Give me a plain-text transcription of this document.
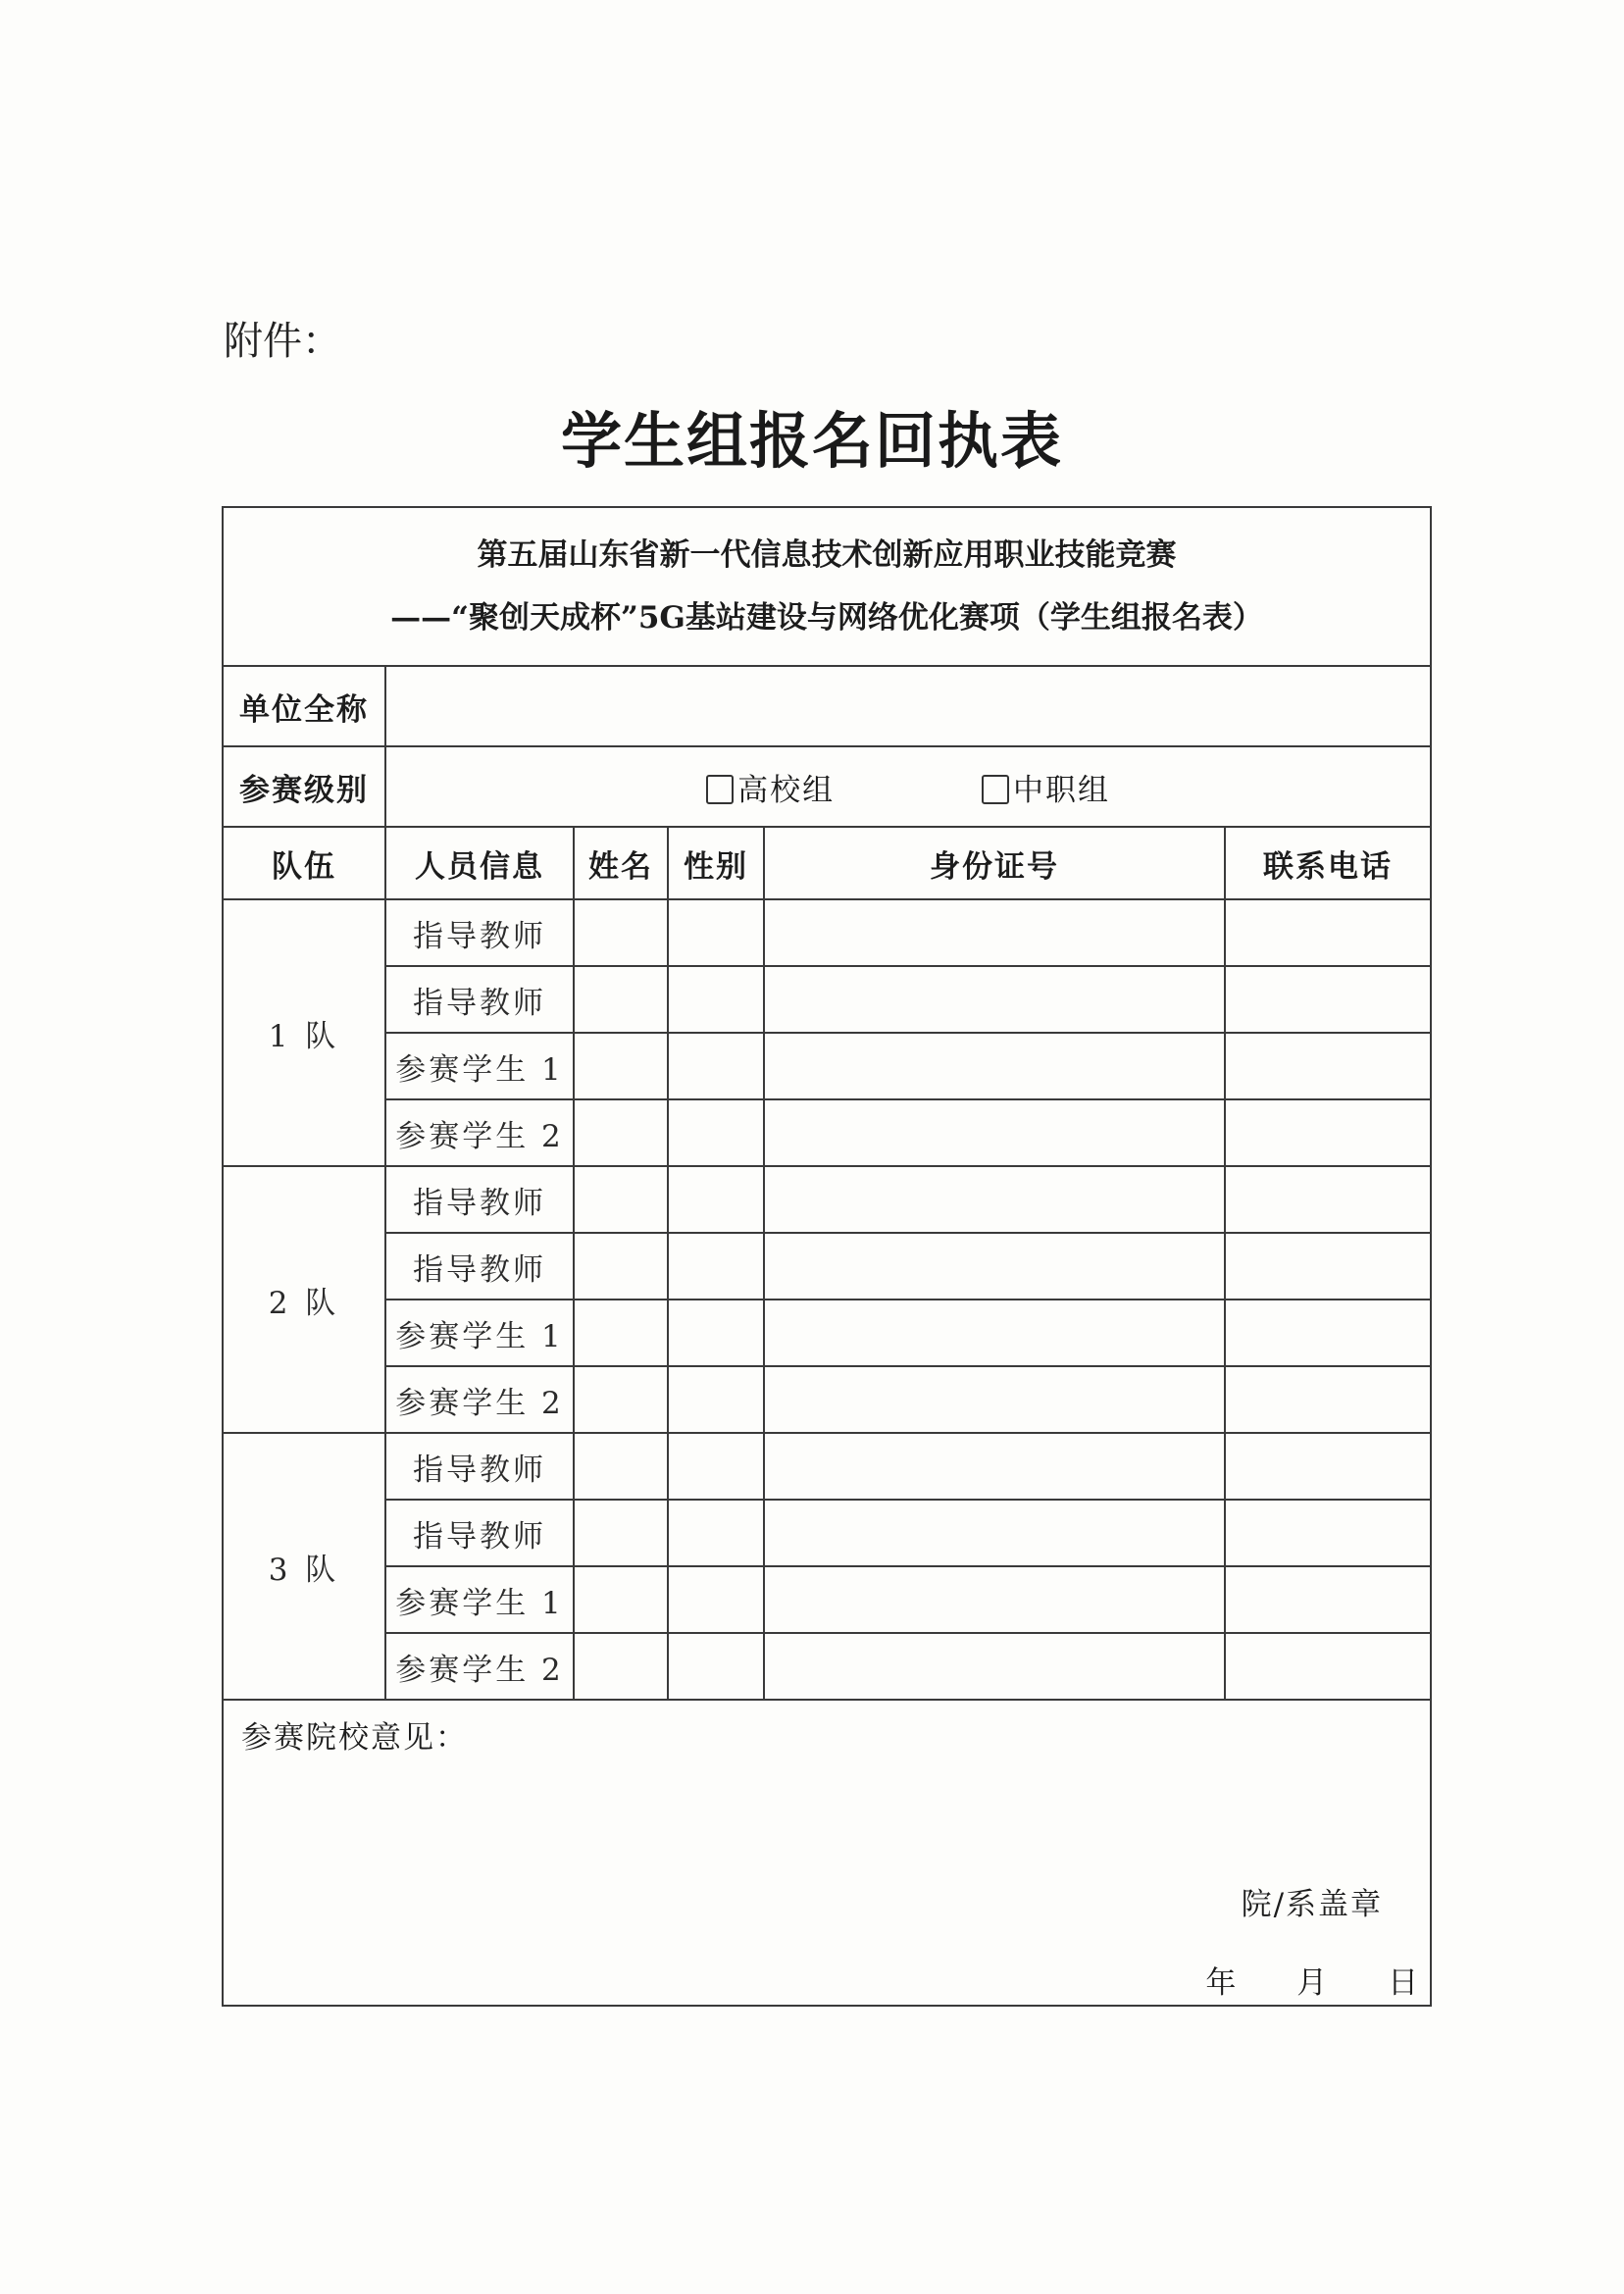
附件：
学生组报名回执表
第五届山东省新一代信息技术创新应用职业技能竞赛
——“聚创天成杯”5G基站建设与网络优化赛项（学生组报名表）					

单位全称					
参赛级别	高校组 中职组				
队伍	人员信息	姓名	性别	身份证号	联系电话
1 队	指导教师				
	指导教师				
	参赛学生 1				
	参赛学生 2				
2 队	指导教师				
	指导教师				
	参赛学生 1				
	参赛学生 2				
3 队	指导教师				
	指导教师				
	参赛学生 1				
	参赛学生 2				

参赛院校意见：
院/系盖章
年 月 日					
